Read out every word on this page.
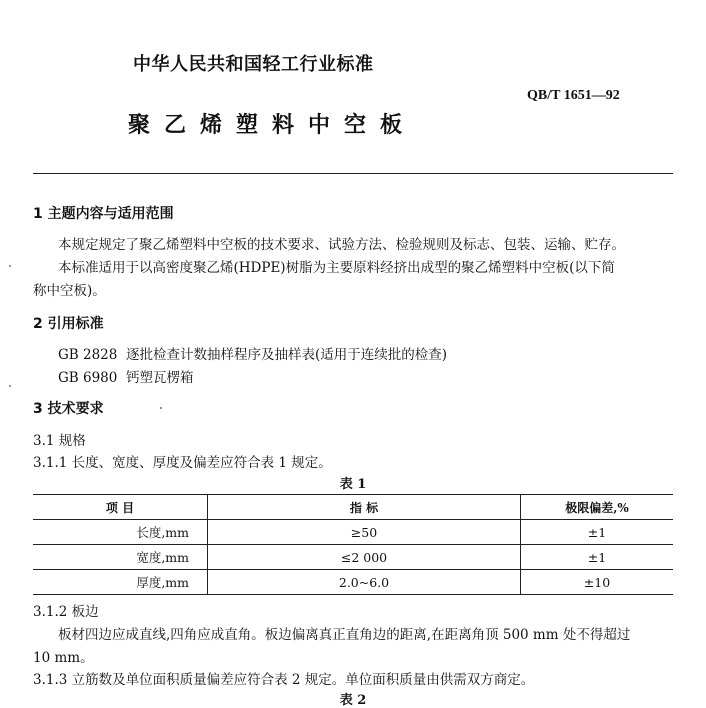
中华人民共和国轻工行业标准
QB/T 1651—92
聚乙烯塑料中空板
1 主题内容与适用范围
本规定规定了聚乙烯塑料中空板的技术要求、试验方法、检验规则及标志、包装、运输、贮存。
本标准适用于以高密度聚乙烯(HDPE)树脂为主要原料经挤出成型的聚乙烯塑料中空板(以下简
称中空板)。
2 引用标准
GB 2828 逐批检查计数抽样程序及抽样表(适用于连续批的检查)
GB 6980 钙塑瓦楞箱
3 技术要求
3.1 规格
3.1.1 长度、宽度、厚度及偏差应符合表 1 规定。
表 1
项 目	指 标	极限偏差,%
长度,mm	≥50	±1
宽度,mm	≤2 000	±1
厚度,mm	2.0~6.0	±10
3.1.2 板边
板材四边应成直线,四角应成直角。板边偏离真正直角边的距离,在距离角顶 500 mm 处不得超过
10 mm。
3.1.3 立筋数及单位面积质量偏差应符合表 2 规定。单位面积质量由供需双方商定。
表 2
